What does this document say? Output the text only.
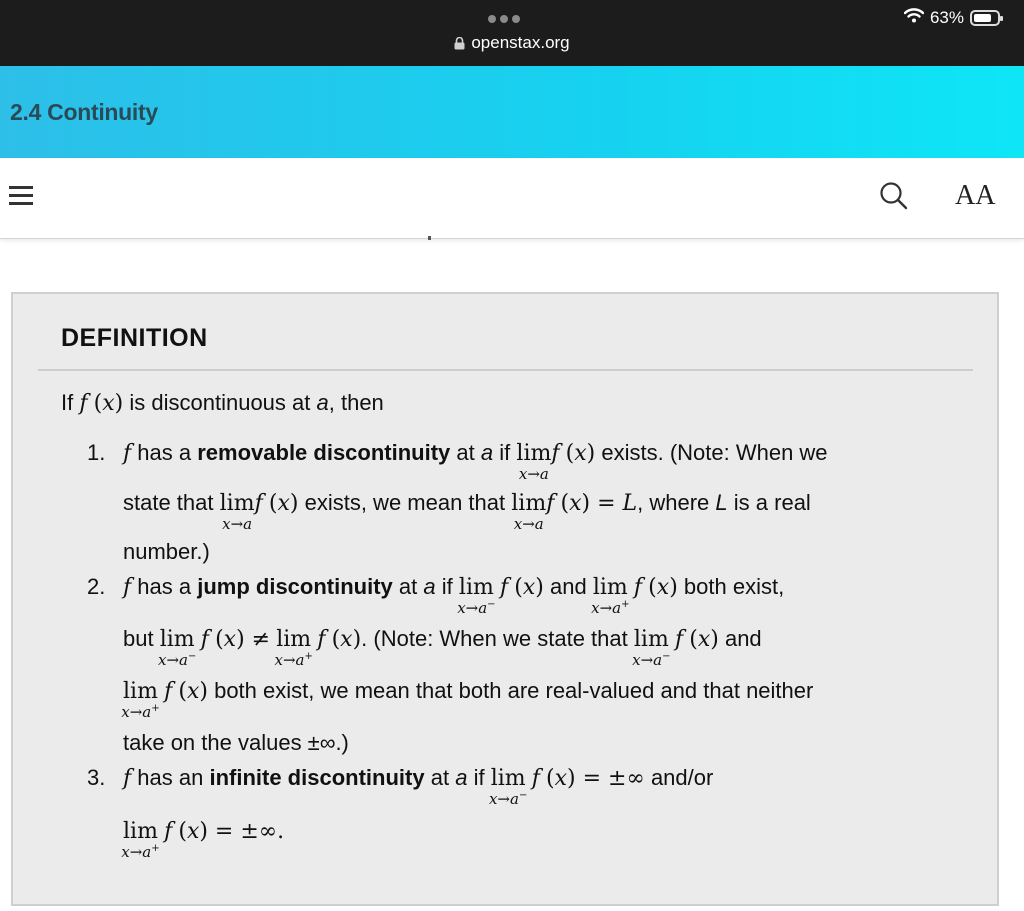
openstax.org
63%
2.4 Continuity
AA
DEFINITION
If f (x) is discontinuous at a, then
1. f has a removable discontinuity at a if lim
x→a
f (x) exists. (Note: When we
state that lim
x→a
f (x) exists, we mean that lim
x→a
f (x) = L, where L is a real
number.)
2. f has a jump discontinuity at a if lim
x→a−
f (x) and lim
x→a+
f (x) both exist,
but lim
x→a−
f (x) ≠ lim
x→a+
f (x). (Note: When we state that lim
x→a−
f (x) and
lim
x→a+
f (x) both exist, we mean that both are real-valued and that neither
take on the values ±∞.)
3. f has an infinite discontinuity at a if lim
x→a−
f (x) = ±∞ and/or
lim
x→a+
f (x) = ±∞.
